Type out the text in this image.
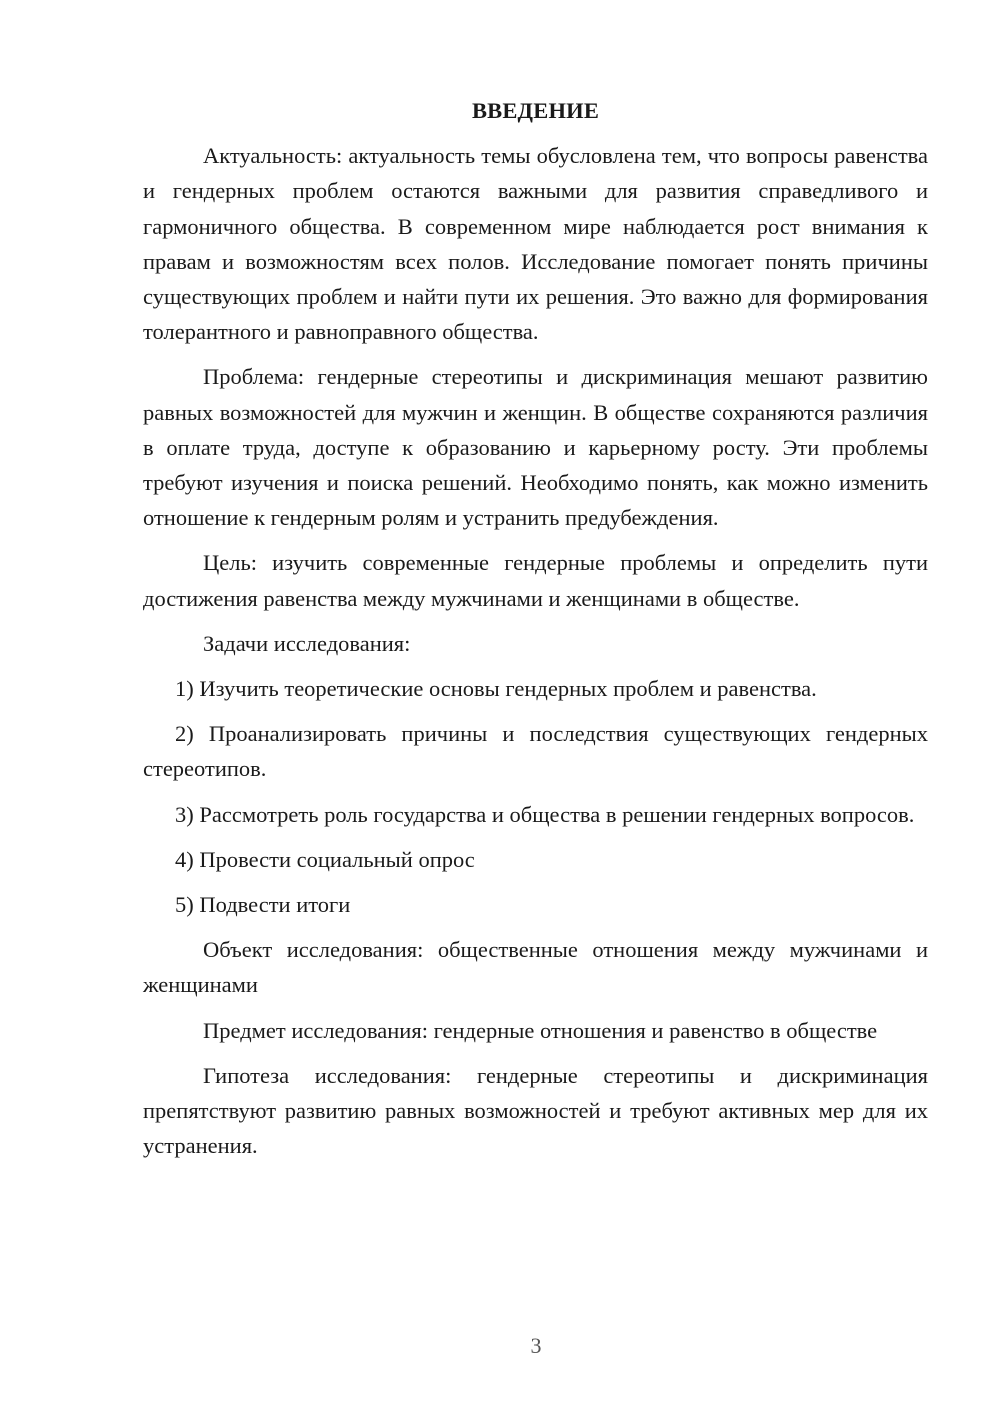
ВВЕДЕНИЕ

Актуальность: актуальность темы обусловлена тем, что вопросы равенства и гендерных проблем остаются важными для развития справедливого и гармоничного общества. В современном мире наблюдается рост внимания к правам и возможностям всех полов. Исследование помогает понять причины существующих проблем и найти пути их решения. Это важно для формирования толерантного и равноправного общества.

Проблема: гендерные стереотипы и дискриминация мешают развитию равных возможностей для мужчин и женщин. В обществе сохраняются различия в оплате труда, доступе к образованию и карьерному росту. Эти проблемы требуют изучения и поиска решений. Необходимо понять, как можно изменить отношение к гендерным ролям и устранить предубеждения.

Цель: изучить современные гендерные проблемы и определить пути достижения равенства между мужчинами и женщинами в обществе.

Задачи исследования:

1) Изучить теоретические основы гендерных проблем и равенства.

2) Проанализировать причины и последствия существующих гендерных стереотипов.

3) Рассмотреть роль государства и общества в решении гендерных вопросов.

4) Провести социальный опрос

5) Подвести итоги

Объект исследования: общественные отношения между мужчинами и женщинами

Предмет исследования: гендерные отношения и равенство в обществе

Гипотеза исследования: гендерные стереотипы и дискриминация препятствуют развитию равных возможностей и требуют активных мер для их устранения.

3
